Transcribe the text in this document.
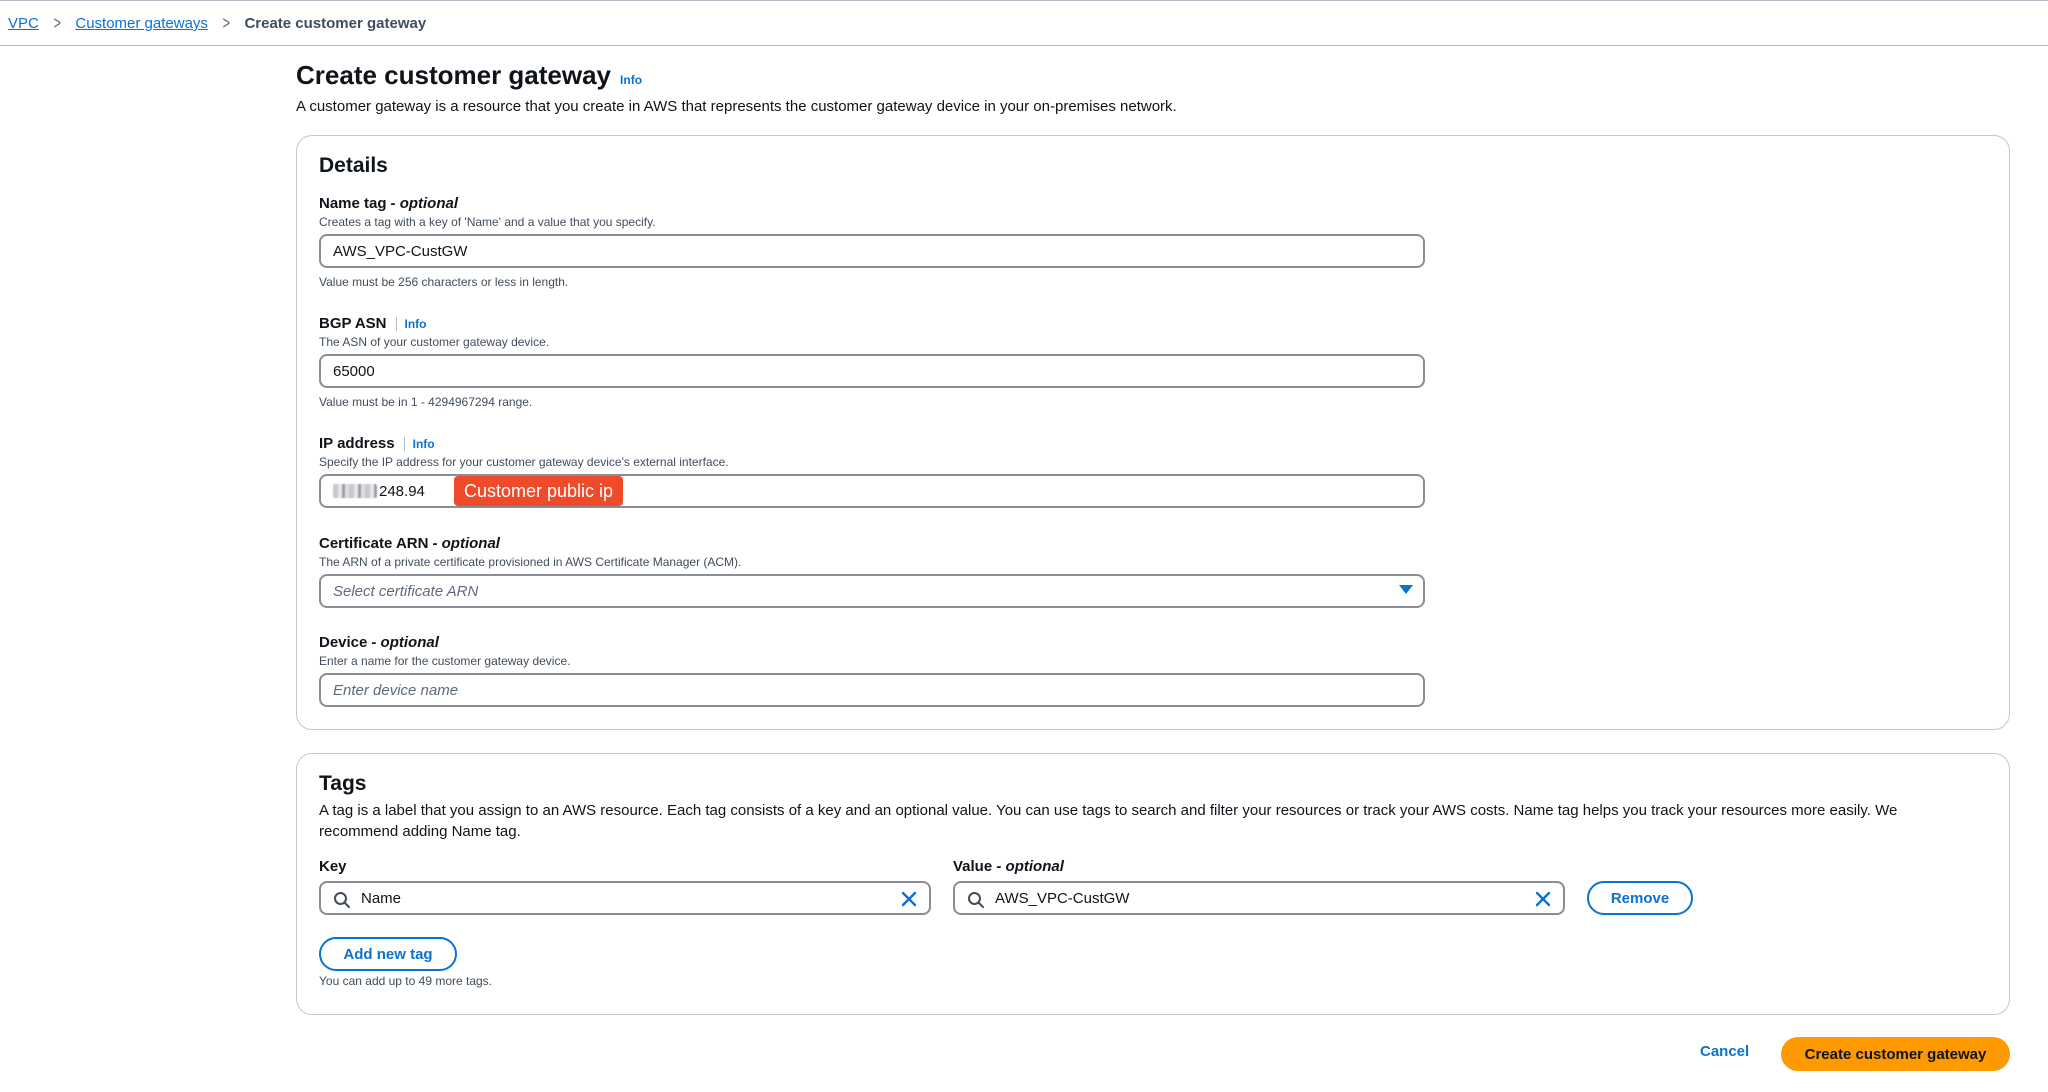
VPC > Customer gateways > Create customer gateway
Create customer gateway Info
A customer gateway is a resource that you create in AWS that represents the customer gateway device in your on-premises network.
Details
Name tag - optional
Creates a tag with a key of 'Name' and a value that you specify.
AWS_VPC-CustGW
Value must be 256 characters or less in length.
BGP ASN Info
The ASN of your customer gateway device.
65000
Value must be in 1 - 4294967294 range.
IP address Info
Specify the IP address for your customer gateway device's external interface.
248.94
Certificate ARN - optional
The ARN of a private certificate provisioned in AWS Certificate Manager (ACM).
Select certificate ARN
Device - optional
Enter a name for the customer gateway device.
Enter device name
Customer public ip
Tags
A tag is a label that you assign to an AWS resource. Each tag consists of a key and an optional value. You can use tags to search and filter your resources or track your AWS costs. Name tag helps you track your resources more easily. We recommend adding Name tag.
Key	Value - optional
Name	AWS_VPC-CustGW	Remove
Add new tag
You can add up to 49 more tags.
Cancel	Create customer gateway
